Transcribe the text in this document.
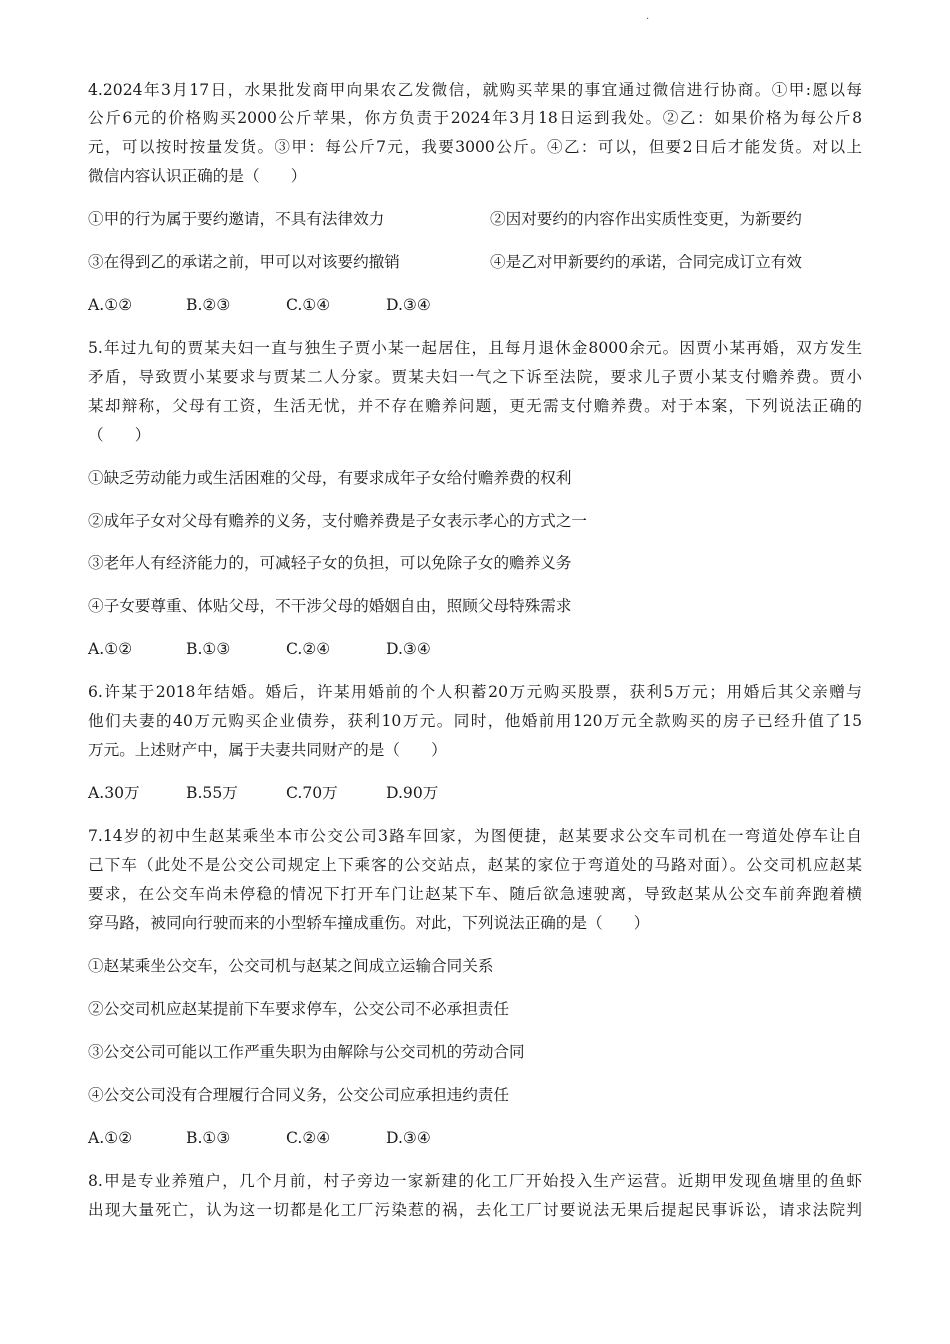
·
4.2024年3月17日，水果批发商甲向果农乙发微信，就购买苹果的事宜通过微信进行协商。①甲:愿以每
公斤6元的价格购买2000公斤苹果，你方负责于2024年3月18日运到我处。②乙：如果价格为每公斤8
元，可以按时按量发货。③甲：每公斤7元，我要3000公斤。④乙：可以，但要2日后才能发货。对以上
微信内容认识正确的是（　　）
①甲的行为属于要约邀请，不具有法律效力	②因对要约的内容作出实质性变更，为新要约
③在得到乙的承诺之前，甲可以对该要约撤销	④是乙对甲新要约的承诺，合同完成订立有效
A.①②	B.②③	C.①④	D.③④
5.年过九旬的贾某夫妇一直与独生子贾小某一起居住，且每月退休金8000余元。因贾小某再婚，双方发生
矛盾，导致贾小某要求与贾某二人分家。贾某夫妇一气之下诉至法院，要求儿子贾小某支付赡养费。贾小
某却辩称，父母有工资，生活无忧，并不存在赡养问题，更无需支付赡养费。对于本案，下列说法正确的
（　　）
①缺乏劳动能力或生活困难的父母，有要求成年子女给付赡养费的权利
②成年子女对父母有赡养的义务，支付赡养费是子女表示孝心的方式之一
③老年人有经济能力的，可减轻子女的负担，可以免除子女的赡养义务
④子女要尊重、体贴父母，不干涉父母的婚姻自由，照顾父母特殊需求
A.①②	B.①③	C.②④	D.③④
6.许某于2018年结婚。婚后，许某用婚前的个人积蓄20万元购买股票，获利5万元；用婚后其父亲赠与
他们夫妻的40万元购买企业债券，获利10万元。同时，他婚前用120万元全款购买的房子已经升值了15
万元。上述财产中，属于夫妻共同财产的是（　　）
A.30万	B.55万	C.70万	D.90万
7.14岁的初中生赵某乘坐本市公交公司3路车回家，为图便捷，赵某要求公交车司机在一弯道处停车让自
己下车（此处不是公交公司规定上下乘客的公交站点，赵某的家位于弯道处的马路对面）。公交司机应赵某
要求，在公交车尚未停稳的情况下打开车门让赵某下车、随后欲急速驶离，导致赵某从公交车前奔跑着横
穿马路，被同向行驶而来的小型轿车撞成重伤。对此，下列说法正确的是（　　）
①赵某乘坐公交车，公交司机与赵某之间成立运输合同关系
②公交司机应赵某提前下车要求停车，公交公司不必承担责任
③公交公司可能以工作严重失职为由解除与公交司机的劳动合同
④公交公司没有合理履行合同义务，公交公司应承担违约责任
A.①②	B.①③	C.②④	D.③④
8.甲是专业养殖户，几个月前，村子旁边一家新建的化工厂开始投入生产运营。近期甲发现鱼塘里的鱼虾
出现大量死亡，认为这一切都是化工厂污染惹的祸，去化工厂讨要说法无果后提起民事诉讼，请求法院判
